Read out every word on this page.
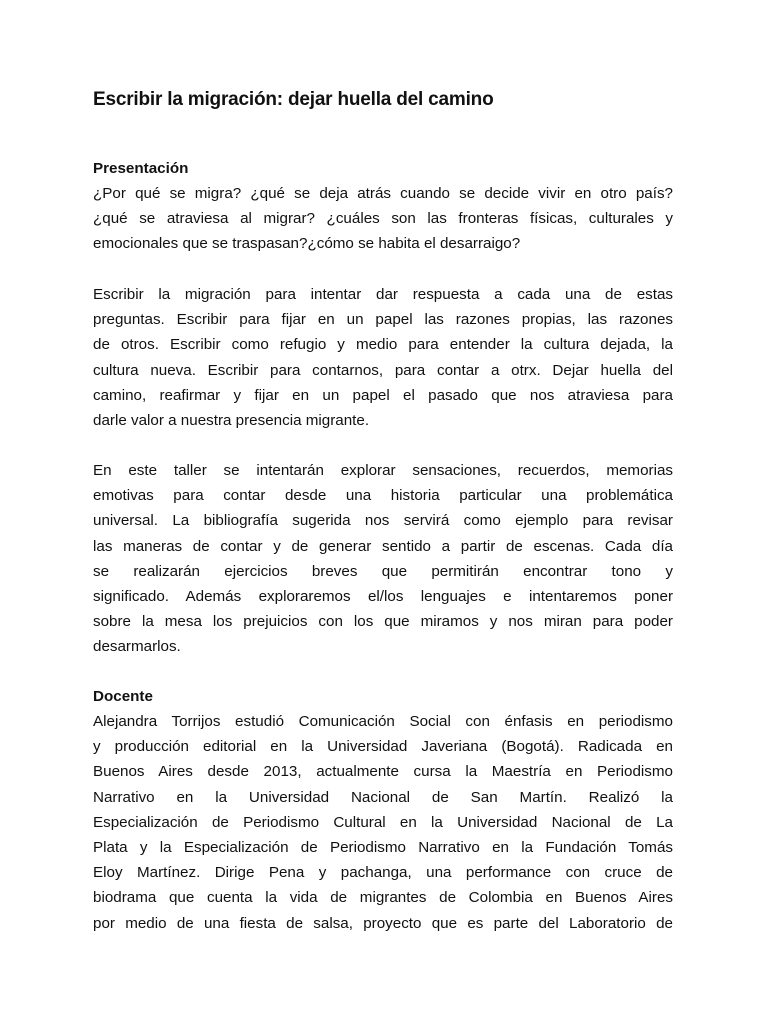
Escribir la migración: dejar huella del camino
Presentación

¿Por qué se migra? ¿qué se deja atrás cuando se decide vivir en otro país?
¿qué se atraviesa al migrar? ¿cuáles son las fronteras físicas, culturales y
emocionales que se traspasan?¿cómo se habita el desarraigo?

Escribir la migración para intentar dar respuesta a cada una de estas
preguntas. Escribir para fijar en un papel las razones propias, las razones
de otros. Escribir como refugio y medio para entender la cultura dejada, la
cultura nueva. Escribir para contarnos, para contar a otrx. Dejar huella del
camino, reafirmar y fijar en un papel el pasado que nos atraviesa para
darle valor a nuestra presencia migrante.

En este taller se intentarán explorar sensaciones, recuerdos, memorias
emotivas para contar desde una historia particular una problemática
universal. La bibliografía sugerida nos servirá como ejemplo para revisar
las maneras de contar y de generar sentido a partir de escenas. Cada día
se realizarán ejercicios breves que permitirán encontrar tono y
significado. Además exploraremos el/los lenguajes e intentaremos poner
sobre la mesa los prejuicios con los que miramos y nos miran para poder
desarmarlos.

Docente

Alejandra Torrijos estudió Comunicación Social con énfasis en periodismo
y producción editorial en la Universidad Javeriana (Bogotá). Radicada en
Buenos Aires desde 2013, actualmente cursa la Maestría en Periodismo
Narrativo en la Universidad Nacional de San Martín. Realizó la
Especialización de Periodismo Cultural en la Universidad Nacional de La
Plata y la Especialización de Periodismo Narrativo en la Fundación Tomás
Eloy Martínez. Dirige Pena y pachanga, una performance con cruce de
biodrama que cuenta la vida de migrantes de Colombia en Buenos Aires
por medio de una fiesta de salsa, proyecto que es parte del Laboratorio de
